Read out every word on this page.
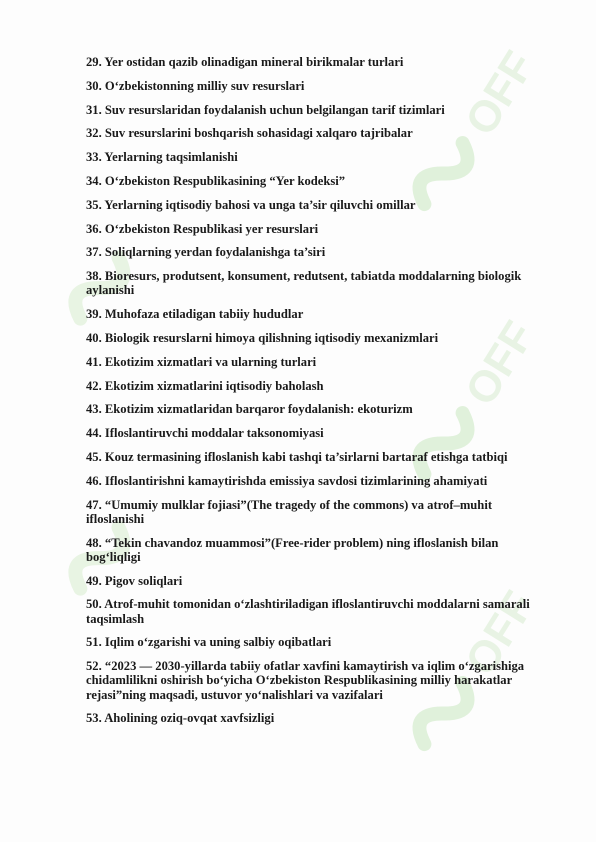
OFF
OFF
OFF
29. Yer ostidan qazib olinadigan mineral birikmalar turlari
30. O‘zbekistonning milliy suv resurslari
31. Suv resurslaridan foydalanish uchun belgilangan tarif tizimlari
32. Suv resurslarini boshqarish sohasidagi xalqaro tajribalar
33. Yerlarning taqsimlanishi
34. O‘zbekiston Respublikasining “Yer kodeksi”
35. Yerlarning iqtisodiy bahosi va unga ta’sir qiluvchi omillar
36. O‘zbekiston Respublikasi yer resurslari
37. Soliqlarning yerdan foydalanishga ta’siri
38. Bioresurs, produtsent, konsument, redutsent, tabiatda moddalarning biologik aylanishi
39. Muhofaza etiladigan tabiiy hududlar
40. Biologik resurslarni himoya qilishning iqtisodiy mexanizmlari
41. Ekotizim xizmatlari va ularning turlari
42. Ekotizim xizmatlarini iqtisodiy baholash
43. Ekotizim xizmatlaridan barqaror foydalanish: ekoturizm
44. Ifloslantiruvchi moddalar taksonomiyasi
45. Kouz termasining ifloslanish kabi tashqi ta’sirlarni bartaraf etishga tatbiqi
46. Ifloslantirishni kamaytirishda emissiya savdosi tizimlarining ahamiyati
47. “Umumiy mulklar fojiasi”(The tragedy of the commons) va atrof–muhit ifloslanishi
48. “Tekin chavandoz muammosi”(Free-rider problem) ning ifloslanish bilan bog‘liqligi
49. Pigov soliqlari
50. Atrof-muhit tomonidan o‘zlashtiriladigan ifloslantiruvchi moddalarni samarali taqsimlash
51. Iqlim o‘zgarishi va uning salbiy oqibatlari
52. “2023 — 2030-yillarda tabiiy ofatlar xavfini kamaytirish va iqlim o‘zgarishiga chidamlilikni oshirish bo‘yicha O‘zbekiston Respublikasining milliy harakatlar rejasi”ning maqsadi, ustuvor yo‘nalishlari va vazifalari
53. Aholining oziq-ovqat xavfsizligi
